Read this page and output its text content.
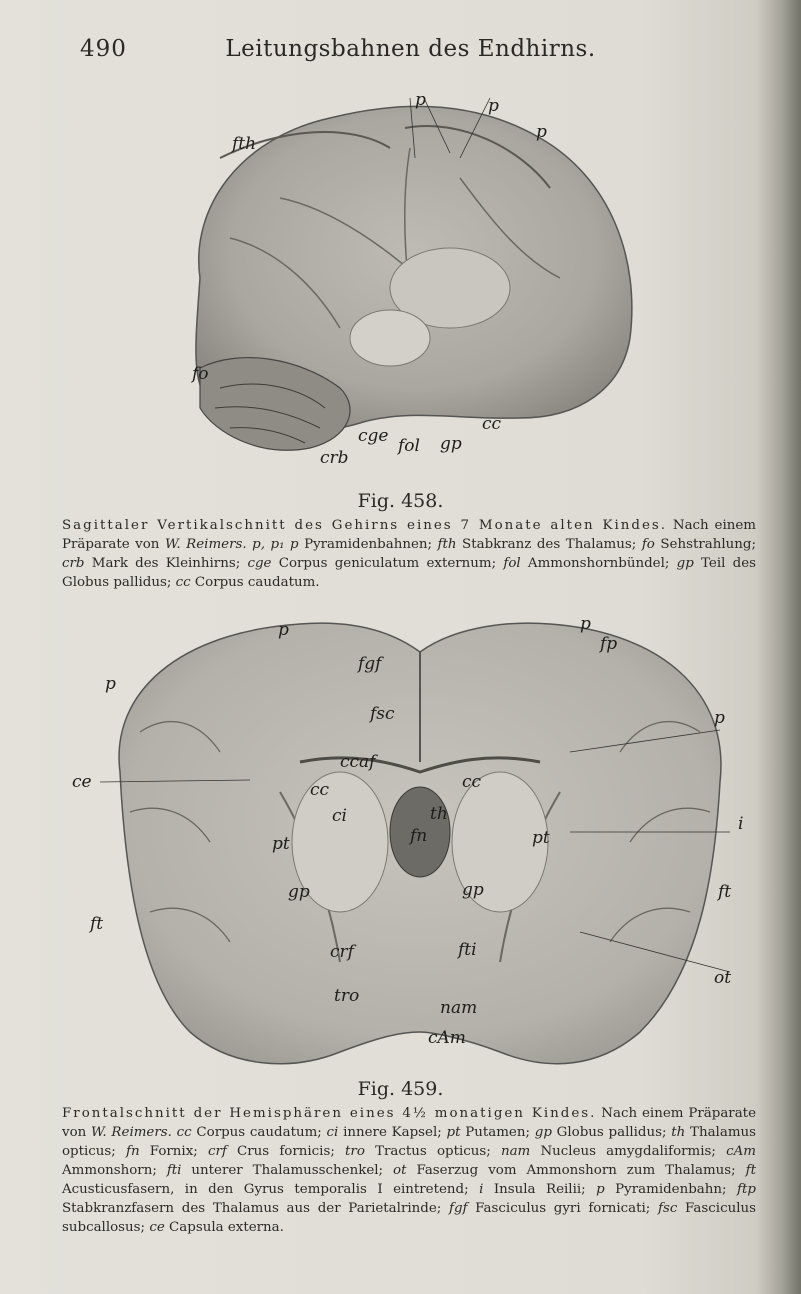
490	Leitungsbahnen des Endhirns.
p	p
p
fth
fo
cge fol gp
cc
crb
Fig. 458.
Sagittaler Vertikalschnitt des Gehirns eines 7 Monate alten Kindes. Nach einem Präparate von W. Reimers. p, p₁ p Pyramidenbahnen; fth Stabkranz des Thalamus; fo Sehstrahlung; crb Mark des Kleinhirns; cge Corpus geniculatum externum; fol Ammonshornbündel; gp Teil des Globus pallidus; cc Corpus caudatum.
p
p	p
p
fp
fgf
fsc
ccaf
cc	cc
ci	th
fn
ce
pt	pt
gp	gp
i
ft
ft
crf	fti
tro
nam
cAm
ot
Fig. 459.
Frontalschnitt der Hemisphären eines 4½ monatigen Kindes. Nach einem Präparate von W. Reimers. cc Corpus caudatum; ci innere Kapsel; pt Putamen; gp Globus pallidus; th Thalamus opticus; fn Fornix; crf Crus fornicis; tro Tractus opticus; nam Nucleus amygdaliformis; cAm Ammonshorn; fti unterer Thalamusschenkel; ot Faserzug vom Ammonshorn zum Thalamus; ft Acusticusfasern, in den Gyrus temporalis I eintretend; i Insula Reilii; p Pyramidenbahn; ftp Stabkranzfasern des Thalamus aus der Parietalrinde; fgf Fasciculus gyri fornicati; fsc Fasciculus subcallosus; ce Capsula externa.
